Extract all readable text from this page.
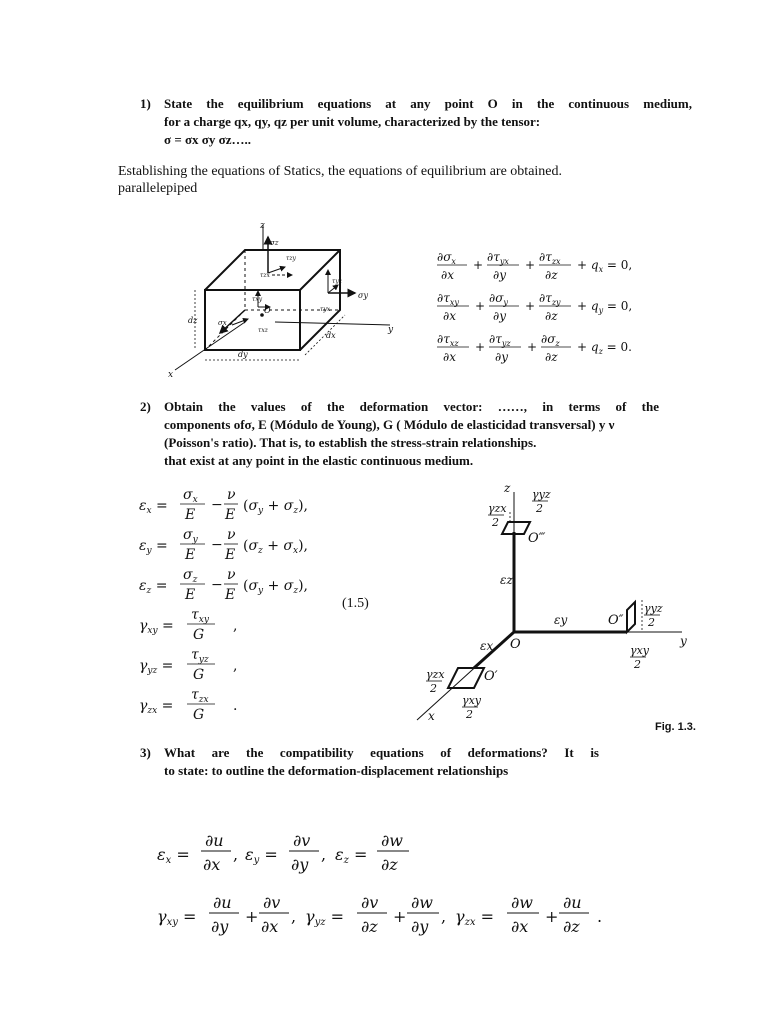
1) State the equilibrium equations at any point O in the continuous medium,
for a charge qx, qy, qz per unit volume, characterized by the tensor:
σ = σx σy σz…..
Establishing the equations of Statics, the equations of equilibrium are obtained.
parallelepiped
z
y
x
σz
τzy
τzx
σy
τyz
τyx
τxz
σx
τxy
O
dz
dy
dx
$\partial\sigma_x$
∂x
+
$\partial\tau_{yx}$
∂y
+
$\partial\tau_{zx}$
∂z
+ $q_x = 0$,
$\partial\tau_{xy}$
∂x
+
$\partial\sigma_y$
∂y
+
$\partial\tau_{zy}$
∂z
+ $q_y = 0$,
$\partial\tau_{xz}$
∂x
+
$\partial\tau_{yz}$
∂y
+
$\partial\sigma_z$
∂z
+ $q_z = 0$.
2) Obtain the values of the deformation vector: ……, in terms of the
components ofσ, E (Módulo de Young), G ( Módulo de elasticidad transversal) y ν
(Poisson's ratio). That is, to establish the stress-strain relationships.
that exist at any point in the elastic continuous medium.
$\varepsilon_x$ =
$\sigma_x$
E
−
ν
E
$(\sigma_y + \sigma_z)$,
$\varepsilon_y$ =
$\sigma_y$
E
−
ν
E
$(\sigma_z + \sigma_x)$,
$\varepsilon_z$ =
$\sigma_z$
E
−
ν
E
$(\sigma_y + \sigma_z)$,
$\gamma_{xy}$ =
$\tau_{xy}$
G
,
$\gamma_{yz}$ =
$\tau_{yz}$
G
,
$\gamma_{zx}$ =
$\tau_{zx}$
G
.
(1.5)
z
y
x
O
O‴
O″
O′
εz
εy
εx
γzx
2
γyz
2
γyz
2
γxy
2
γzx
2
γxy
2
Fig. 1.3.
3) What are the compatibility equations of deformations? It is
to state: to outline the deformation-displacement relationships
εx =
∂u
∂x
, εy =
∂v
∂y
, εz =
∂w
∂z
γxy =
∂u
∂y
+
∂v
∂x
, γyz =
∂v
∂z
+
∂w
∂y
, γzx =
∂w
∂x
+
∂u
∂z
.
